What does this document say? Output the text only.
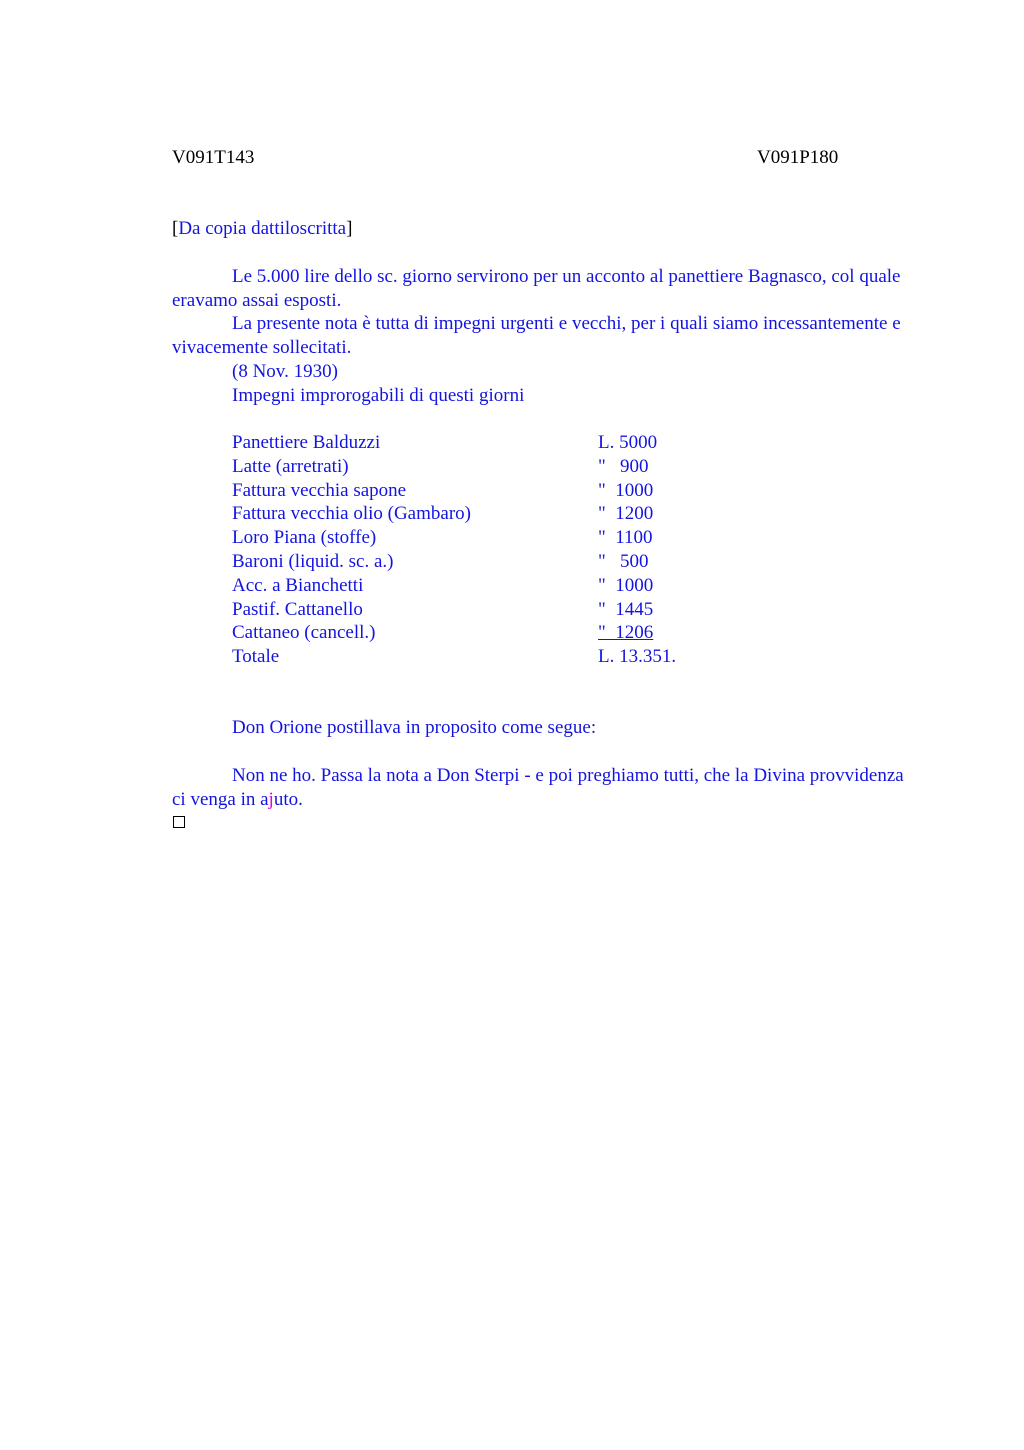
V091T143	V091P180
[Da copia dattiloscritta]

Le 5.000 lire dello sc. giorno servirono per un acconto al panettiere Bagnasco, col quale eravamo assai esposti.

La presente nota è tutta di impegni urgenti e vecchi, per i quali siamo incessantemente e vivacemente sollecitati.

(8 Nov. 1930)
Impegni improrogabili di questi giorni
Panettiere Balduzzi	L. 5000
Latte (arretrati)	"   900
Fattura vecchia sapone	"  1000
Fattura vecchia olio (Gambaro)	"  1200
Loro Piana (stoffe)	"  1100
Baroni (liquid. sc. a.)	"   500
Acc. a Bianchetti	"  1000
Pastif. Cattanello	"  1445
Cattaneo (cancell.)	"  1206
Totale	L. 13.351.
Don Orione postillava in proposito come segue:

Non ne ho. Passa la nota a Don Sterpi - e poi preghiamo tutti, che la Divina provvidenza ci venga in ajuto.
